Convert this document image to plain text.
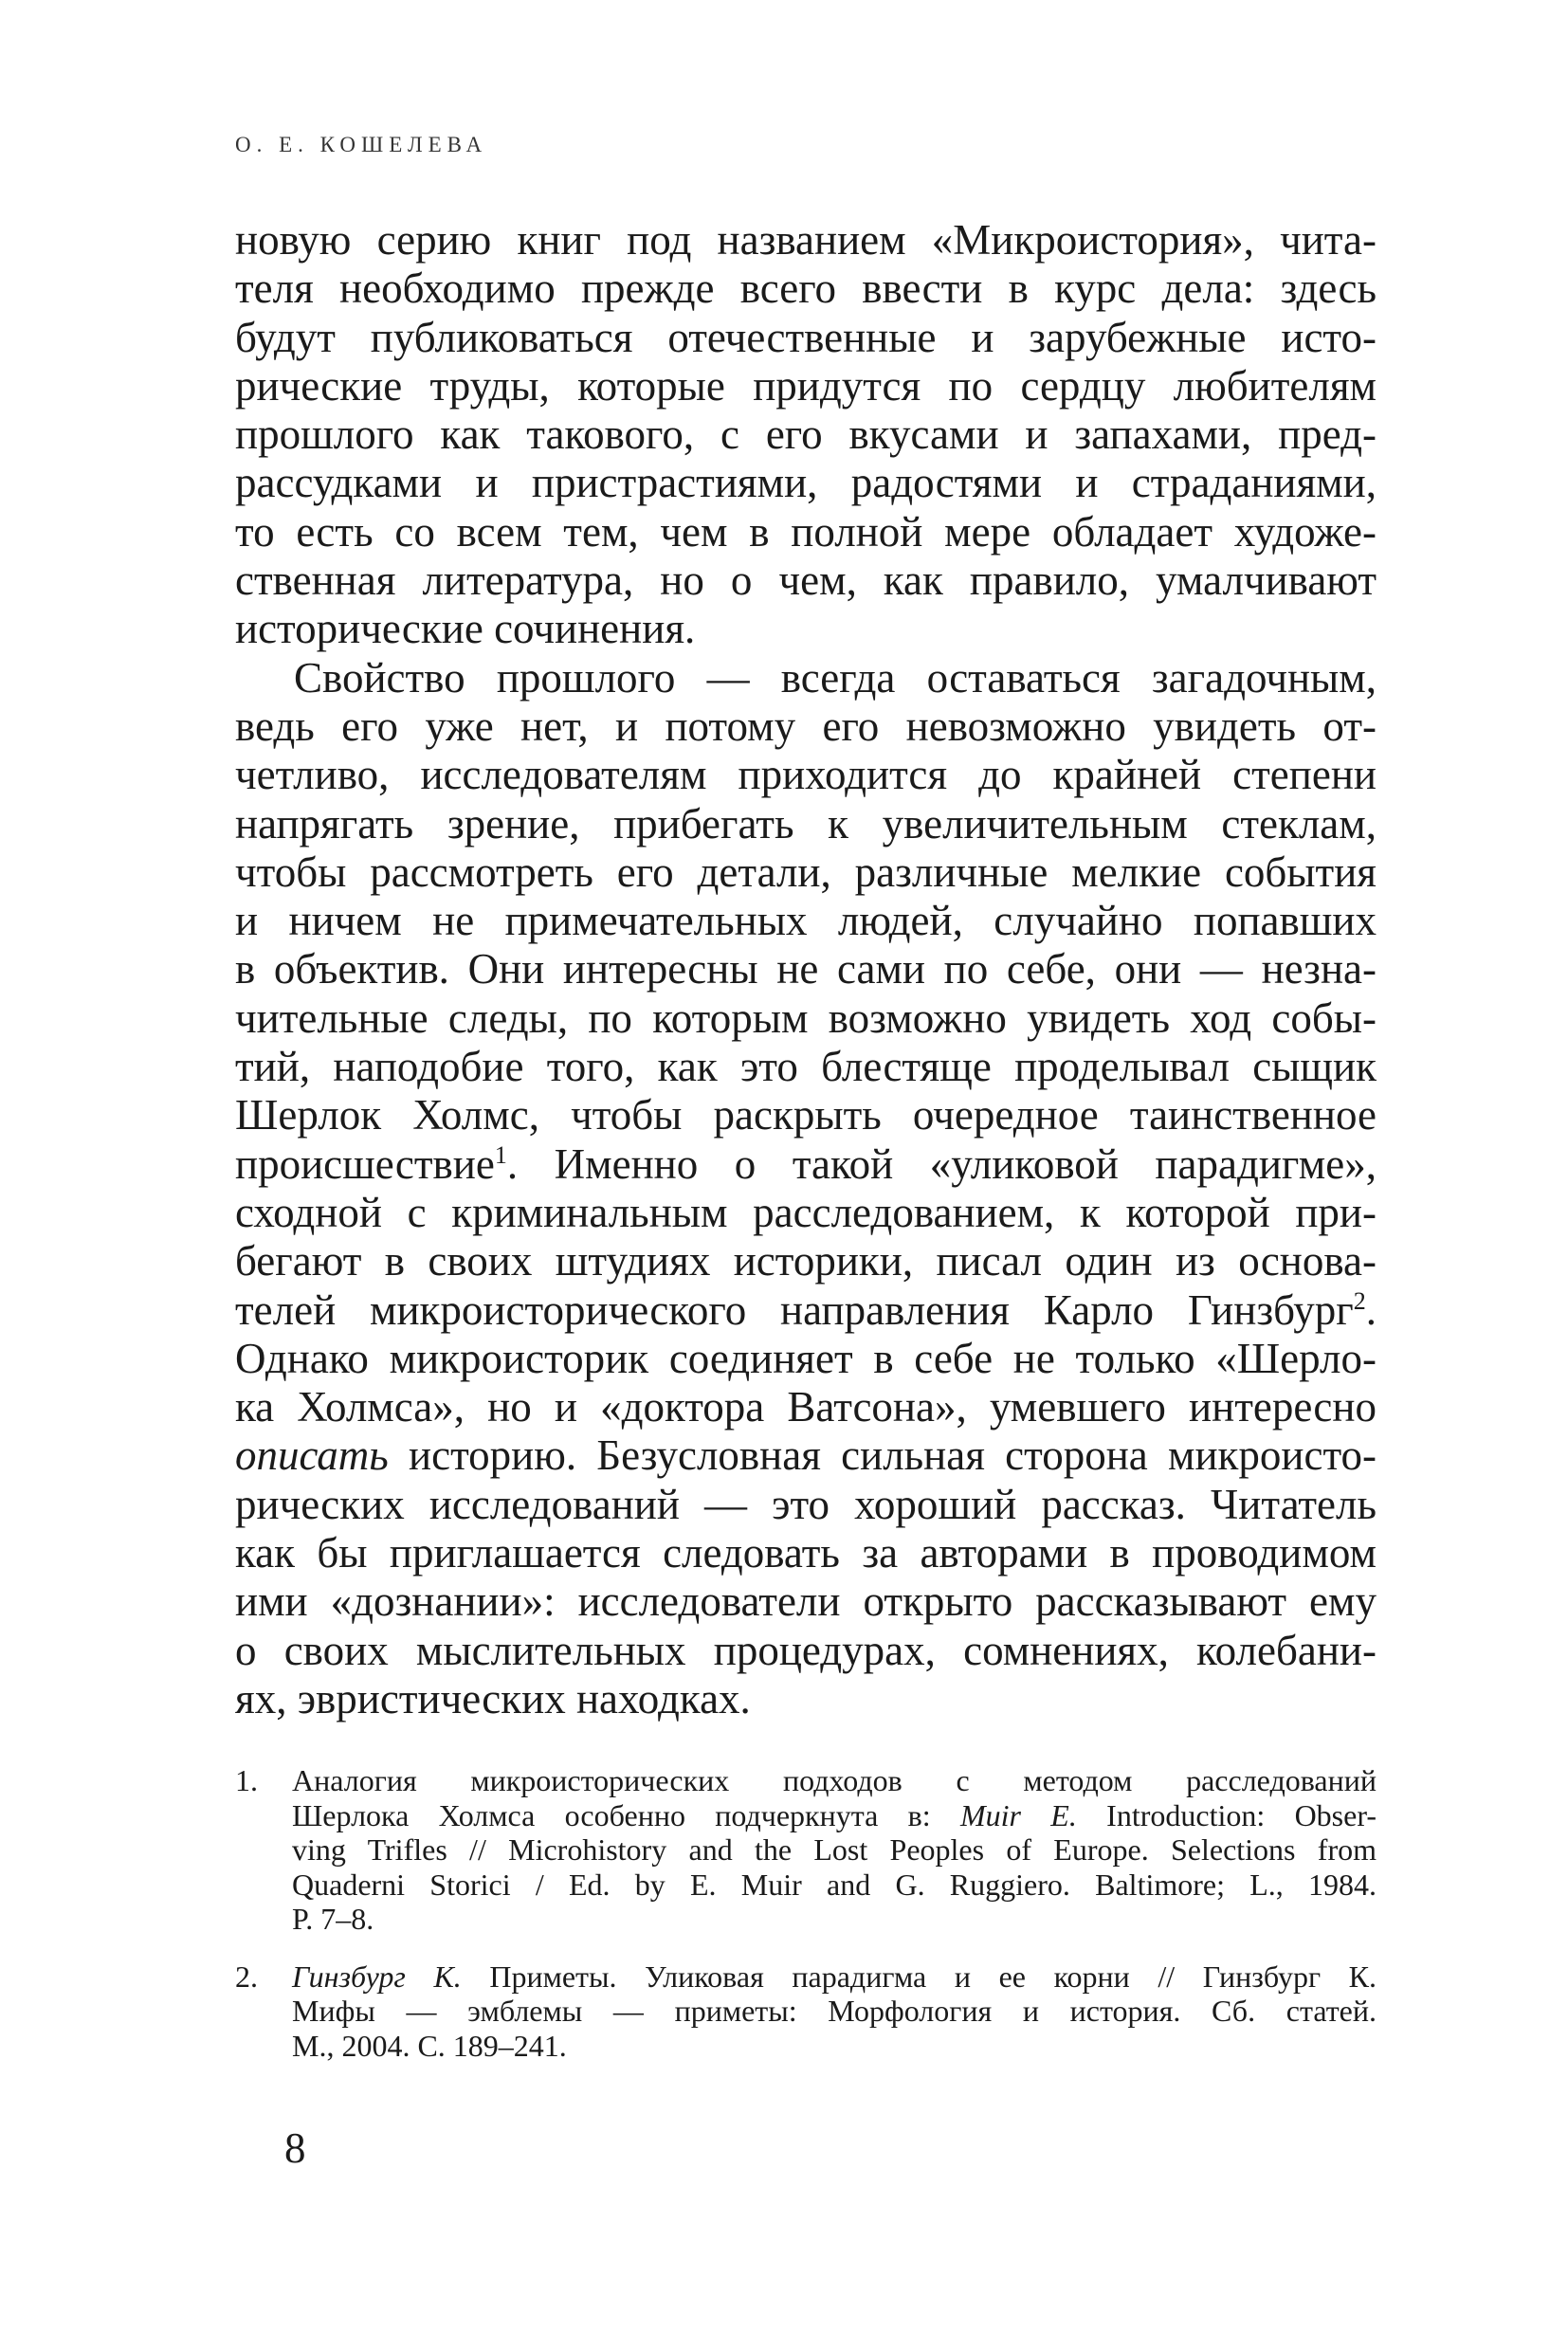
О. Е. КОШЕЛЕВА

новую серию книг под названием «Микроистория», чита-
теля необходимо прежде всего ввести в курс дела: здесь
будут публиковаться отечественные и зарубежные исто-
рические труды, которые придутся по сердцу любителям
прошлого как такового, с его вкусами и запахами, пред-
рассудками и пристрастиями, радостями и страданиями,
то есть со всем тем, чем в полной мере обладает художе-
ственная литература, но о чем, как правило, умалчивают
исторические сочинения.

Свойство прошлого — всегда оставаться загадочным,
ведь его уже нет, и потому его невозможно увидеть от-
четливо, исследователям приходится до крайней степени
напрягать зрение, прибегать к увеличительным стеклам,
чтобы рассмотреть его детали, различные мелкие события
и ничем не примечательных людей, случайно попавших
в объектив. Они интересны не сами по себе, они — незна-
чительные следы, по которым возможно увидеть ход собы-
тий, наподобие того, как это блестяще проделывал сыщик
Шерлок Холмс, чтобы раскрыть очередное таинственное
происшествие$^1$. Именно о такой «уликовой парадигме»,
сходной с криминальным расследованием, к которой при-
бегают в своих штудиях историки, писал один из основа-
телей микроисторического направления Карло Гинзбург$^2$.
Однако микроисторик соединяет в себе не только «Шерло-
ка Холмса», но и «доктора Ватсона», умевшего интересно
описать историю. Безусловная сильная сторона микроисто-
рических исследований — это хороший рассказ. Читатель
как бы приглашается следовать за авторами в проводимом
ими «дознании»: исследователи открыто рассказывают ему
о своих мыслительных процедурах, сомнениях, колебани-
ях, эвристических находках.

1. Аналогия микроисторических подходов с методом расследований
Шерлока Холмса особенно подчеркнута в: Muir E. Introduction: Obser-
ving Trifles // Microhistory and the Lost Peoples of Europe. Selections from
Quaderni Storici / Ed. by E. Muir and G. Ruggiero. Baltimore; L., 1984.
P. 7–8.
2. Гинзбург К. Приметы. Уликовая парадигма и ее корни // Гинзбург К.
Мифы — эмблемы — приметы: Морфология и история. Сб. статей.
М., 2004. С. 189–241.
8
